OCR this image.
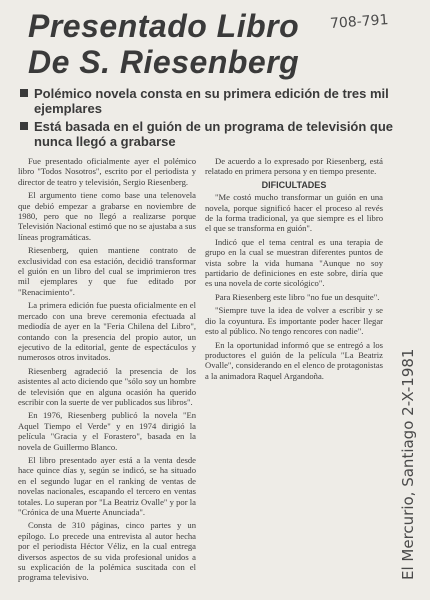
Presentado Libro
De S. Riesenberg
708-791
Polémico novela consta en su primera edición de tres mil ejemplares
Está basada en el guión de un programa de televisión que nunca llegó a grabarse

Fue presentado oficialmente ayer el polémico libro "Todos Nosotros", escrito por el periodista y director de teatro y televisión, Sergio Riesenberg.

El argumento tiene como base una telenovela que debió empezar a grabarse en noviembre de 1980, pero que no llegó a realizarse porque Televisión Nacional estimó que no se ajustaba a sus líneas programáticas.

Riesenberg, quien mantiene contrato de exclusividad con esa estación, decidió transformar el guión en un libro del cual se imprimieron tres mil ejemplares y que fue editado por "Renacimiento".

La primera edición fue puesta oficialmente en el mercado con una breve ceremonia efectuada al mediodía de ayer en la "Feria Chilena del Libro", contando con la presencia del propio autor, un ejecutivo de la editorial, gente de espectáculos y numerosos otros invitados.

Riesenberg agradeció la presencia de los asistentes al acto diciendo que "sólo soy un hombre de televisión que en alguna ocasión ha querido escribir con la suerte de ver publicados sus libros".

En 1976, Riesenberg publicó la novela "En Aquel Tiempo el Verde" y en 1974 dirigió la película "Gracia y el Forastero", basada en la novela de Guillermo Blanco.

El libro presentado ayer está a la venta desde hace quince días y, según se indicó, se ha situado en el segundo lugar en el ranking de ventas de novelas nacionales, escapando el tercero en ventas totales. Lo superan por "La Beatriz Ovalle" y por la "Crónica de una Muerte Anunciada".

Consta de 310 páginas, cinco partes y un epílogo. Lo precede una entrevista al autor hecha por el periodista Héctor Véliz, en la cual entrega diversos aspectos de su vida profesional unidos a su explicación de la polémica suscitada con el programa televisivo.

De acuerdo a lo expresado por Riesenberg, está relatado en primera persona y en tiempo presente.

DIFICULTADES

"Me costó mucho transformar un guión en una novela, porque significó hacer el proceso al revés de la forma tradicional, ya que siempre es el libro el que se transforma en guión".

Indicó que el tema central es una terapia de grupo en la cual se muestran diferentes puntos de vista sobre la vida humana "Aunque no soy partidario de definiciones en este sobre, diría que es una novela de corte sicológico".

Para Riesenberg este libro "no fue un desquite".

"Siempre tuve la idea de volver a escribir y se dio la coyuntura. Es importante poder hacer llegar esto al público. No tengo rencores con nadie".

En la oportunidad informó que se entregó a los productores el guión de la película "La Beatriz Ovalle", considerando en el elenco de protagonistas a la animadora Raquel Argandoña.	El Mercurio, Santiago 2-X-1981
